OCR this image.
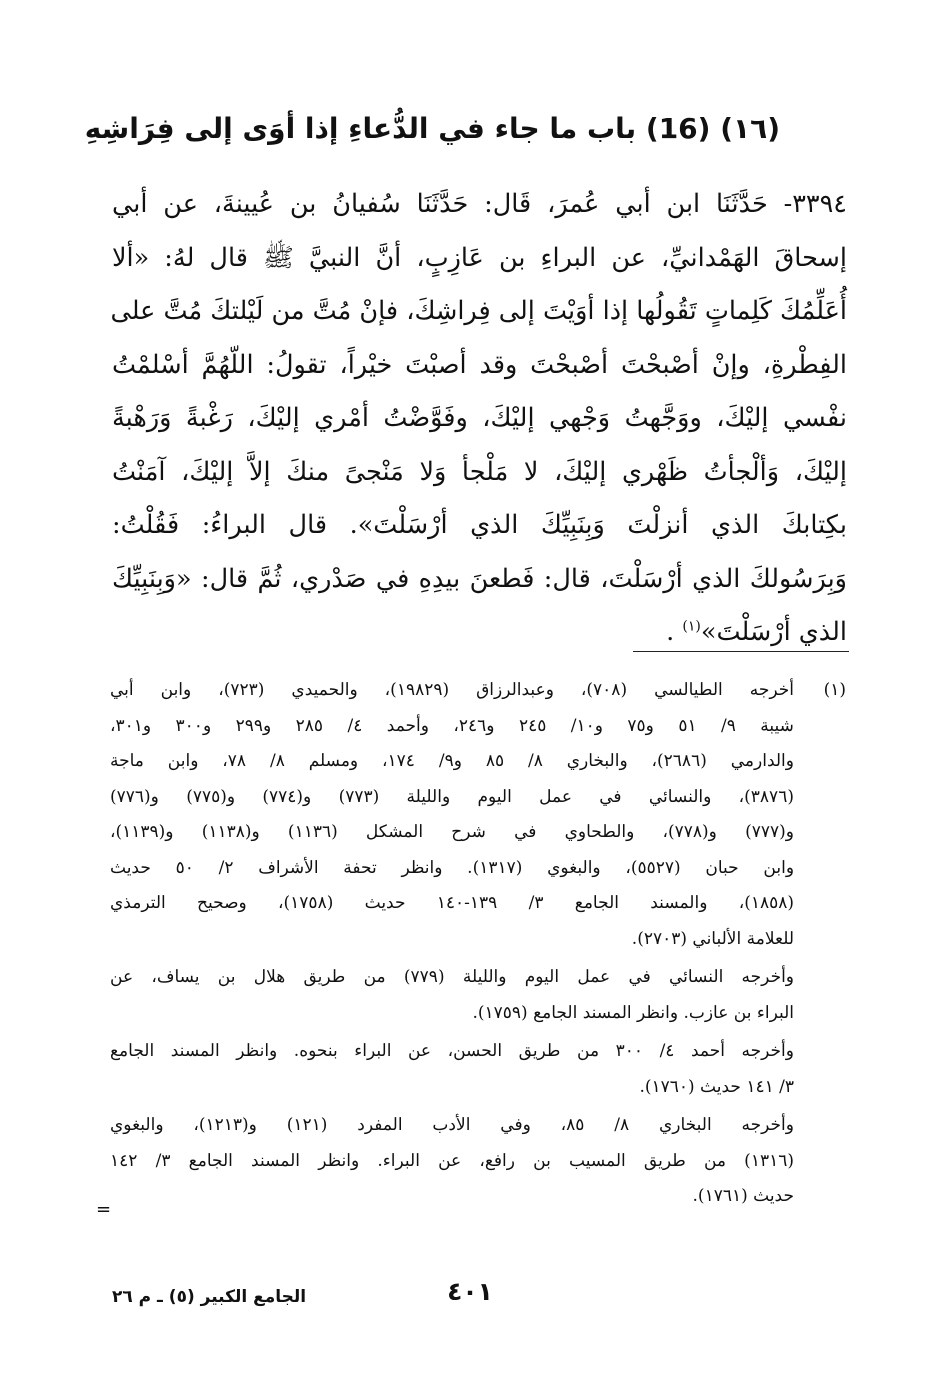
(١٦) (16) باب ما جاء في الدُّعاءِ إذا أوَى إلى فِرَاشِهِ
٣٣٩٤- حَدَّثَنَا ابن أبي عُمرَ، قَال: حَدَّثَنَا سُفيانُ بن عُيينةَ، عن أبي
إسحاقَ الهَمْدانيِّ، عن البراءِ بن عَازِبٍ، أنَّ النبيَّ ﷺ قال لهُ: «ألا
أُعَلِّمُكَ كَلِماتٍ تَقُولُها إذا أوَيْتَ إلى فِراشِكَ، فإنْ مُتَّ من لَيْلتكَ مُتَّ على
الفِطْرةِ، وإنْ أصْبحْتَ أصْبحْتَ وقد أصبْتَ خيْراً، تقولُ: اللّهُمَّ أسْلمْتُ
نفْسي إليْكَ، ووَجَّهتُ وَجْهي إليْكَ، وفَوَّضْتُ أمْري إليْكَ، رَغْبةً وَرَهْبةً
إليْكَ، وَألْجأتُ ظَهْري إليْكَ، لا مَلْجأ وَلا مَنْجىً منكَ إلاَّ إليْكَ، آمَنْتُ
بكِتابكَ الذي أنزلْتَ وَبِنَبِيِّكَ الذي أرْسَلْتَ». قال البراءُ: فَقُلْتُ:
وَبِرَسُولكَ الذي أرْسَلْتَ، قال: فَطعنَ بيدِهِ في صَدْري، ثُمَّ قال: «وَبِنَبِيِّكَ
الذي أرْسَلْتَ»$^{(١)}$ .
(١)
أخرجه الطيالسي (٧٠٨)، وعبدالرزاق (١٩٨٢٩)، والحميدي (٧٢٣)، وابن أبي
شيبة ٩/ ٥١ و٧٥ و١٠/ ٢٤٥ و٢٤٦، وأحمد ٤/ ٢٨٥ و٢٩٩ و٣٠٠ و٣٠١،
والدارمي (٢٦٨٦)، والبخاري ٨/ ٨٥ و٩/ ١٧٤، ومسلم ٨/ ٧٨، وابن ماجة
(٣٨٧٦)، والنسائي في عمل اليوم والليلة (٧٧٣) و(٧٧٤) و(٧٧٥) و(٧٧٦)
و(٧٧٧) و(٧٧٨)، والطحاوي في شرح المشكل (١١٣٦) و(١١٣٨) و(١١٣٩)،
وابن حبان (٥٥٢٧)، والبغوي (١٣١٧). وانظر تحفة الأشراف ٢/ ٥٠ حديث
(١٨٥٨)، والمسند الجامع ٣/ ١٣٩-١٤٠ حديث (١٧٥٨)، وصحيح الترمذي
للعلامة الألباني (٢٧٠٣).
وأخرجه النسائي في عمل اليوم والليلة (٧٧٩) من طريق هلال بن يساف، عن
البراء بن عازب. وانظر المسند الجامع (١٧٥٩).
وأخرجه أحمد ٤/ ٣٠٠ من طريق الحسن، عن البراء بنحوه. وانظر المسند الجامع
٣/ ١٤١ حديث (١٧٦٠).
وأخرجه البخاري ٨/ ٨٥، وفي الأدب المفرد (١٢١) و(١٢١٣)، والبغوي
(١٣١٦) من طريق المسيب بن رافع، عن البراء. وانظر المسند الجامع ٣/ ١٤٢
حديث (١٧٦١).
=
٤٠١
الجامع الكبير (٥) ـ م ٢٦
